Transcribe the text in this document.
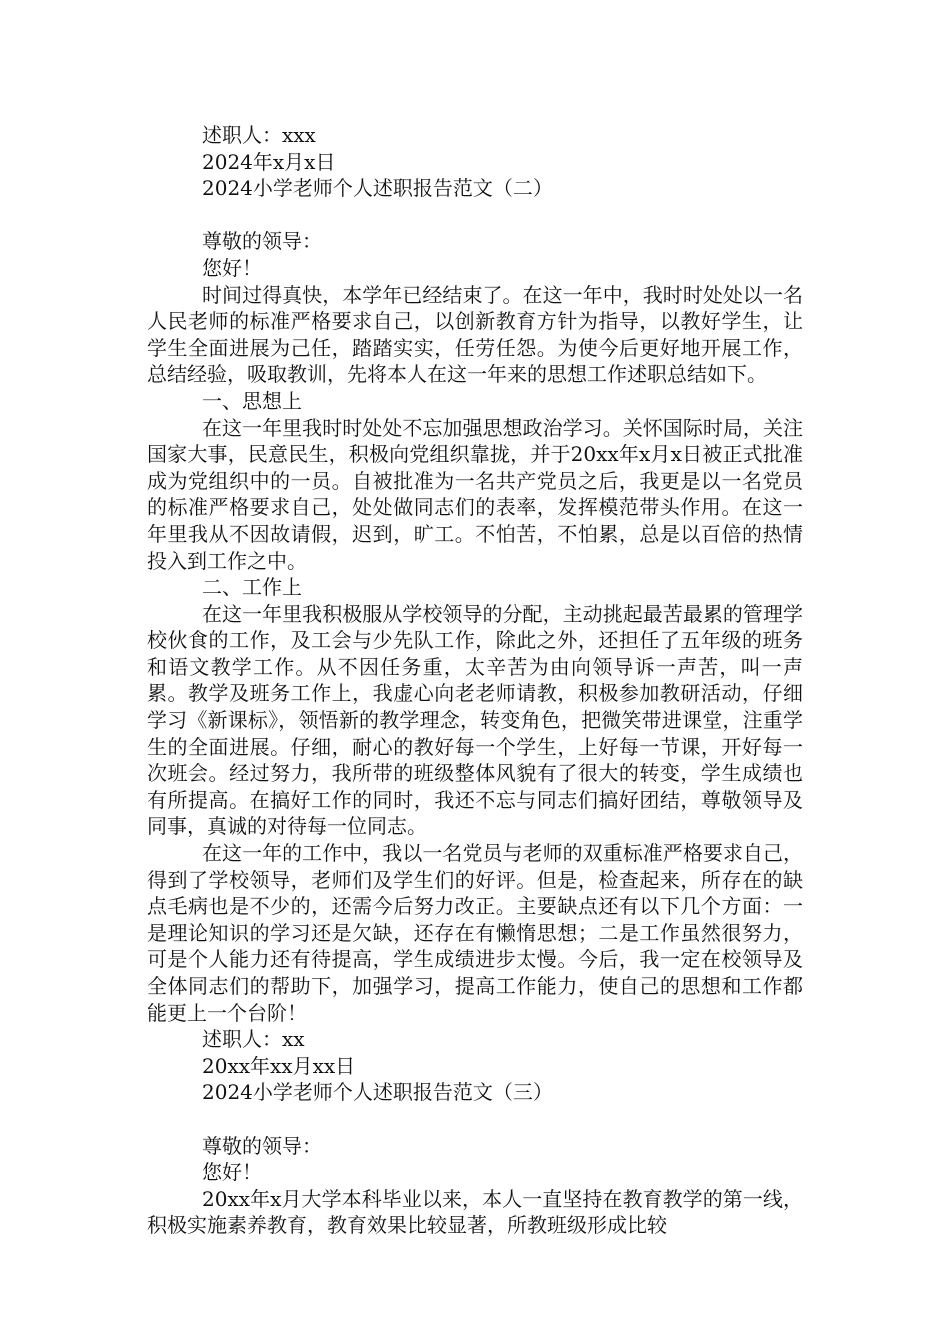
述职人：xxx

2024年x月x日

2024小学老师个人述职报告范文（二）

尊敬的领导：

您好！

时间过得真快，本学年已经结束了。在这一年中，我时时处处以一名人民老师的标准严格要求自己，以创新教育方针为指导，以教好学生，让学生全面进展为己任，踏踏实实，任劳任怨。为使今后更好地开展工作，总结经验，吸取教训，先将本人在这一年来的思想工作述职总结如下。

一、思想上

在这一年里我时时处处不忘加强思想政治学习。关怀国际时局，关注国家大事，民意民生，积极向党组织靠拢，并于20xx年x月x日被正式批准成为党组织中的一员。自被批准为一名共产党员之后，我更是以一名党员的标准严格要求自己，处处做同志们的表率，发挥模范带头作用。在这一年里我从不因故请假，迟到，旷工。不怕苦，不怕累，总是以百倍的热情投入到工作之中。

二、工作上

在这一年里我积极服从学校领导的分配，主动挑起最苦最累的管理学校伙食的工作，及工会与少先队工作，除此之外，还担任了五年级的班务和语文教学工作。从不因任务重，太辛苦为由向领导诉一声苦，叫一声累。教学及班务工作上，我虚心向老老师请教，积极参加教研活动，仔细学习《新课标》，领悟新的教学理念，转变角色，把微笑带进课堂，注重学生的全面进展。仔细，耐心的教好每一个学生，上好每一节课，开好每一次班会。经过努力，我所带的班级整体风貌有了很大的转变，学生成绩也有所提高。在搞好工作的同时，我还不忘与同志们搞好团结，尊敬领导及同事，真诚的对待每一位同志。

在这一年的工作中，我以一名党员与老师的双重标准严格要求自己，得到了学校领导，老师们及学生们的好评。但是，检查起来，所存在的缺点毛病也是不少的，还需今后努力改正。主要缺点还有以下几个方面：一是理论知识的学习还是欠缺，还存在有懒惰思想；二是工作虽然很努力，可是个人能力还有待提高，学生成绩进步太慢。今后，我一定在校领导及全体同志们的帮助下，加强学习，提高工作能力，使自己的思想和工作都能更上一个台阶！

述职人：xx

20xx年xx月xx日

2024小学老师个人述职报告范文（三）

尊敬的领导：

您好！

20xx年x月大学本科毕业以来，本人一直坚持在教育教学的第一线，积极实施素养教育，教育效果比较显著，所教班级形成比较
